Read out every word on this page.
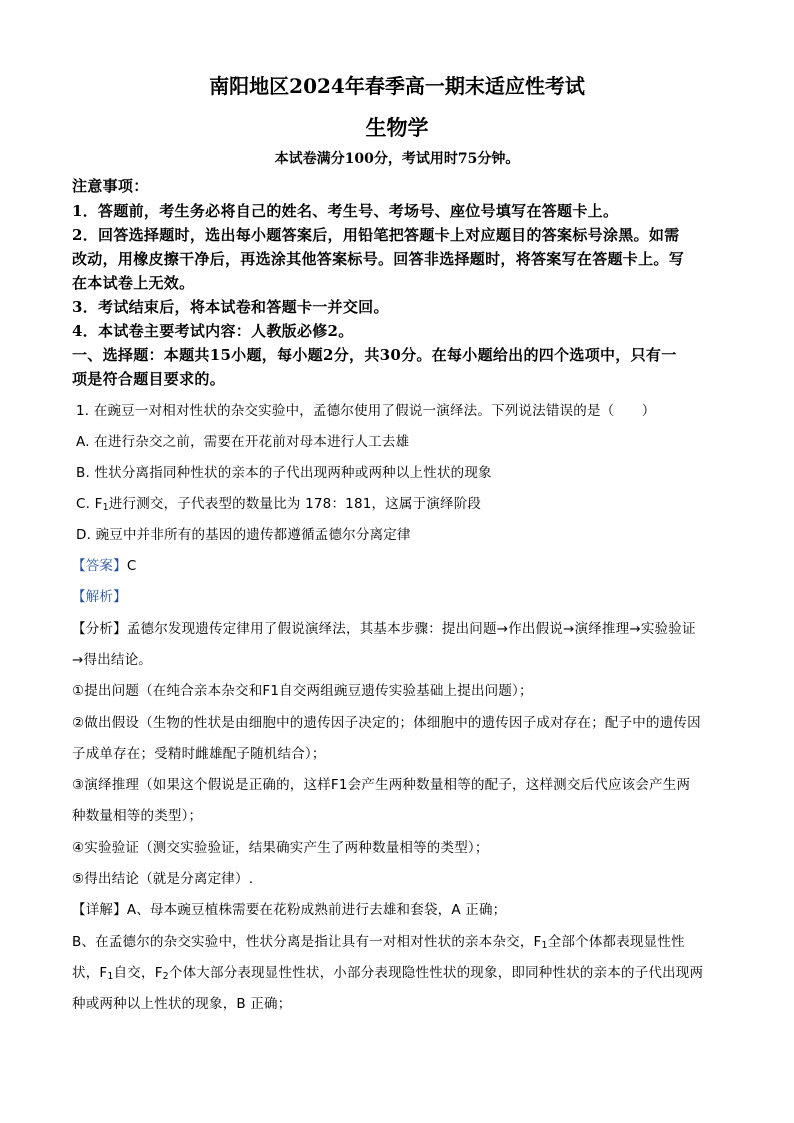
南阳地区2024年春季高一期末适应性考试
生物学
本试卷满分100分，考试用时75分钟。
注意事项：
1．答题前，考生务必将自己的姓名、考生号、考场号、座位号填写在答题卡上。
2．回答选择题时，选出每小题答案后，用铅笔把答题卡上对应题目的答案标号涂黑。如需
改动，用橡皮擦干净后，再选涂其他答案标号。回答非选择题时，将答案写在答题卡上。写
在本试卷上无效。
3．考试结束后，将本试卷和答题卡一并交回。
4．本试卷主要考试内容：人教版必修2。
一、选择题：本题共15小题，每小题2分，共30分。在每小题给出的四个选项中，只有一
项是符合题目要求的。
1. 在豌豆一对相对性状的杂交实验中，孟德尔使用了假说一演绎法。下列说法错误的是（　　）
A. 在进行杂交之前，需要在开花前对母本进行人工去雄
B. 性状分离指同种性状的亲本的子代出现两种或两种以上性状的现象
C. $F_1$进行测交，子代表型的数量比为 178：181，这属于演绎阶段
D. 豌豆中并非所有的基因的遗传都遵循孟德尔分离定律
【答案】C
【解析】
【分析】孟德尔发现遗传定律用了假说演绎法，其基本步骤：提出问题→作出假说→演绎推理→实验验证
→得出结论。
①提出问题（在纯合亲本杂交和F1自交两组豌豆遗传实验基础上提出问题）；
②做出假设（生物的性状是由细胞中的遗传因子决定的；体细胞中的遗传因子成对存在；配子中的遗传因
子成单存在；受精时雌雄配子随机结合）；
③演绎推理（如果这个假说是正确的，这样F1会产生两种数量相等的配子，这样测交后代应该会产生两
种数量相等的类型）；
④实验验证（测交实验验证，结果确实产生了两种数量相等的类型）；
⑤得出结论（就是分离定律）.
【详解】A、母本豌豆植株需要在花粉成熟前进行去雄和套袋，A 正确；
B、在孟德尔的杂交实验中，性状分离是指让具有一对相对性状的亲本杂交，$F_1$全部个体都表现显性性
状，$F_1$自交，$F_2$个体大部分表现显性性状，小部分表现隐性性状的现象，即同种性状的亲本的子代出现两
种或两种以上性状的现象，B 正确；
